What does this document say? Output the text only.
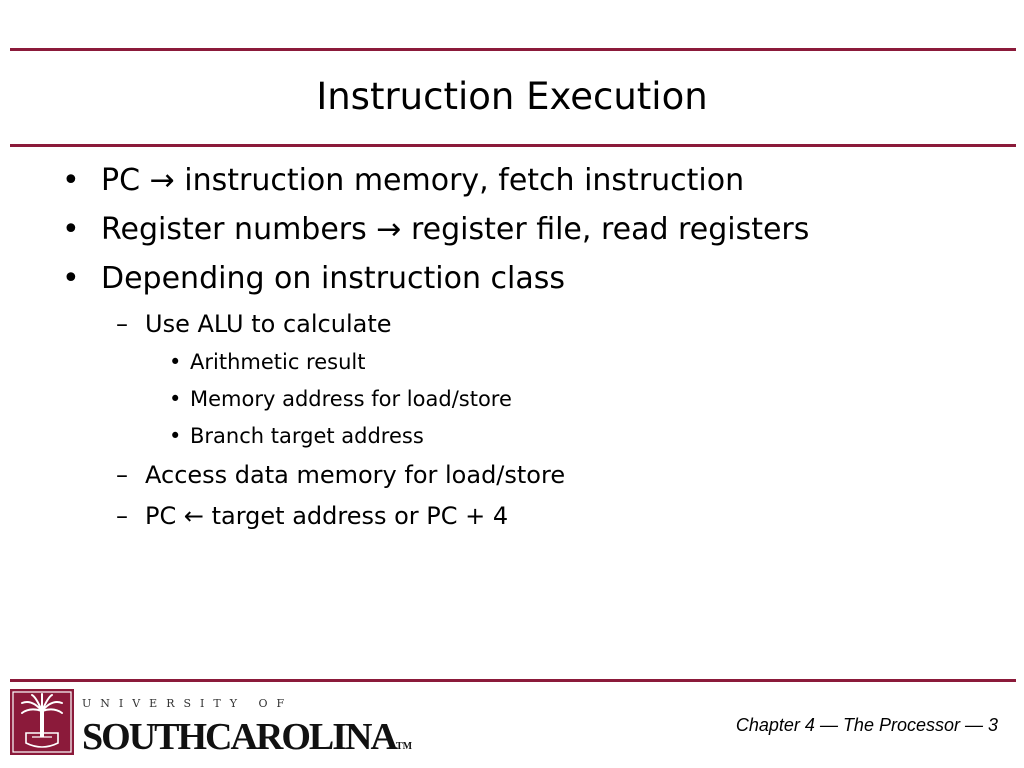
Instruction Execution
• PC → instruction memory, fetch instruction
• Register numbers → register file, read registers
• Depending on instruction class
– Use ALU to calculate
• Arithmetic result
• Memory address for load/store
• Branch target address
– Access data memory for load/store
– PC ← target address or PC + 4
UNIVERSITY OF
SOUTHCAROLINATM
Chapter 4 — The Processor — 3
